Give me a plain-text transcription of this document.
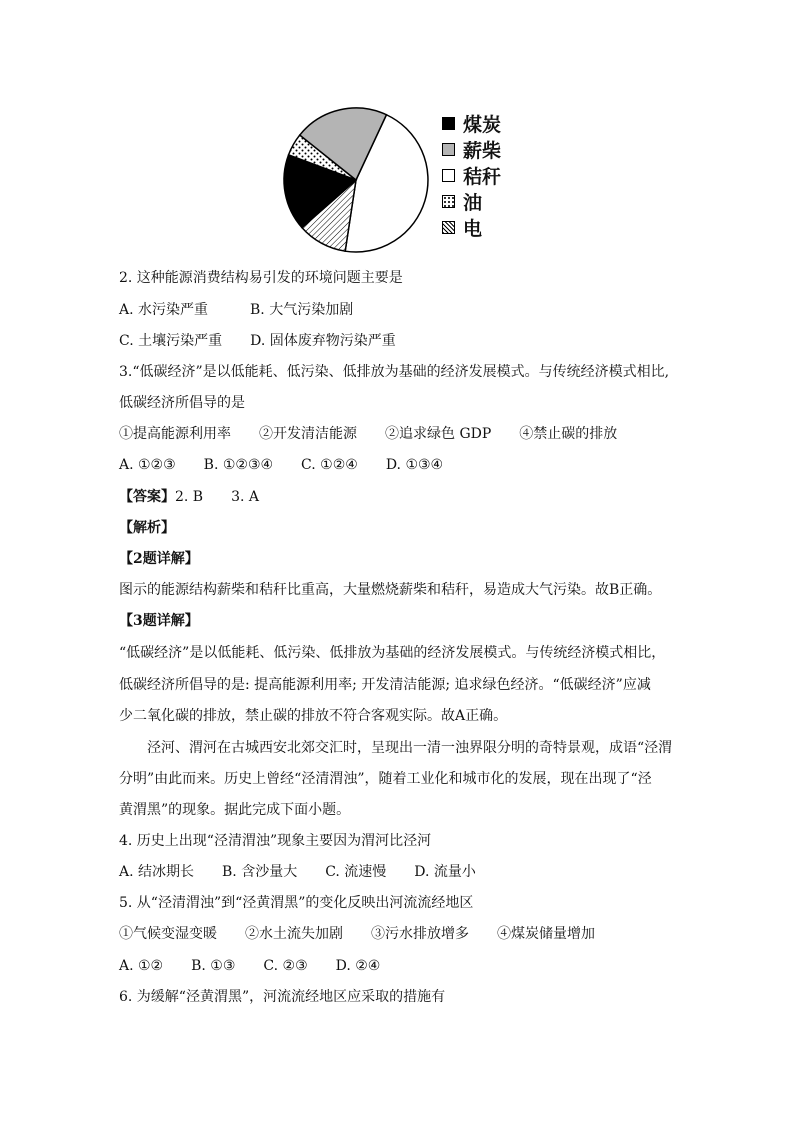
煤炭
薪柴
秸秆
油
电
2. 这种能源消费结构易引发的环境问题主要是
A. 水污染严重　　　B. 大气污染加剧
C. 土壤污染严重　　D. 固体废弃物污染严重
3.“低碳经济”是以低能耗、低污染、低排放为基础的经济发展模式。与传统经济模式相比,
低碳经济所倡导的是
①提高能源利用率　　②开发清洁能源　　②追求绿色 GDP　　④禁止碳的排放
A. ①②③　　B. ①②③④　　C. ①②④　　D. ①③④
【答案】2. B　　3. A
【解析】
【2题详解】
图示的能源结构薪柴和秸秆比重高，大量燃烧薪柴和秸秆，易造成大气污染。故B正确。
【3题详解】
“低碳经济”是以低能耗、低污染、低排放为基础的经济发展模式。与传统经济模式相比，
低碳经济所倡导的是: 提高能源利用率; 开发清洁能源; 追求绿色经济。“低碳经济”应减
少二氧化碳的排放，禁止碳的排放不符合客观实际。故A正确。
泾河、渭河在古城西安北郊交汇时，呈现出一清一浊界限分明的奇特景观，成语“泾渭
分明”由此而来。历史上曾经“泾清渭浊”，随着工业化和城市化的发展，现在出现了“泾
黄渭黑”的现象。据此完成下面小题。
4. 历史上出现“泾清渭浊”现象主要因为渭河比泾河
A. 结冰期长　　B. 含沙量大　　C. 流速慢　　D. 流量小
5. 从“泾清渭浊”到“泾黄渭黑”的变化反映出河流流经地区
①气候变湿变暖　　②水土流失加剧　　③污水排放增多　　④煤炭储量增加
A. ①②　　B. ①③　　C. ②③　　D. ②④
6. 为缓解“泾黄渭黑”，河流流经地区应采取的措施有
